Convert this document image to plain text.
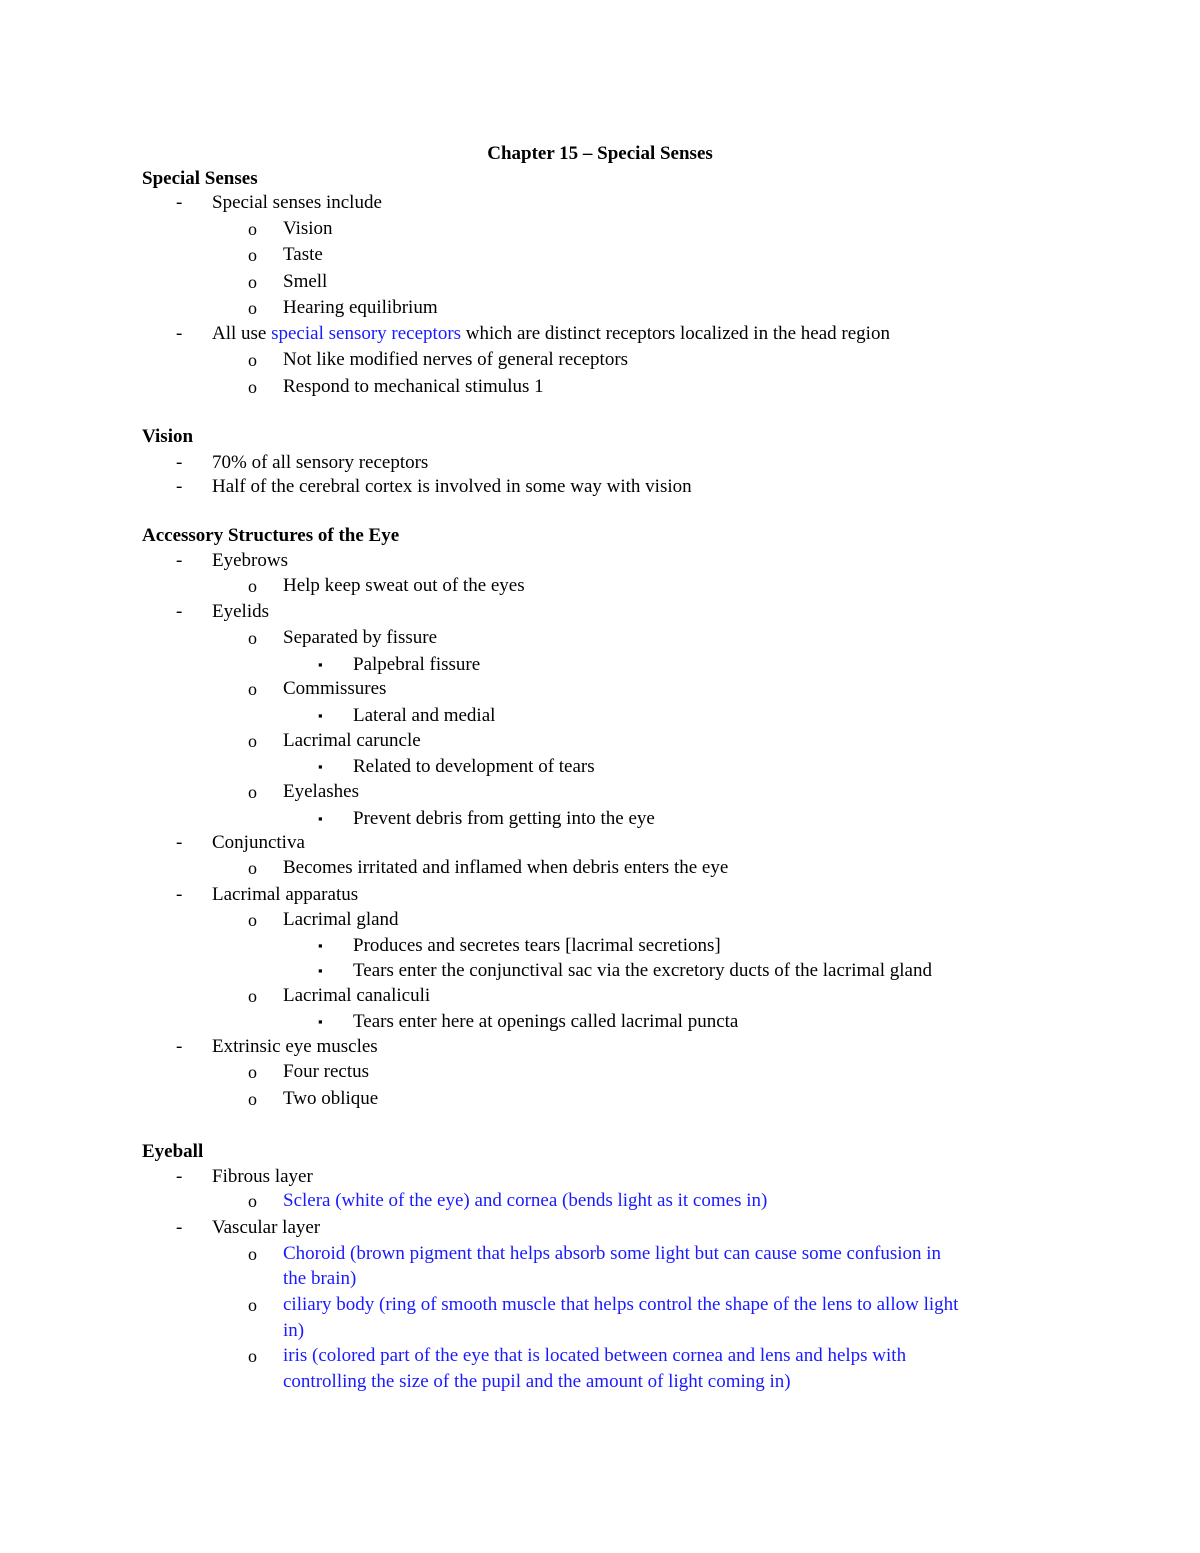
Chapter 15 – Special Senses
Special Senses
- Special senses include
o Vision
o Taste
o Smell
o Hearing equilibrium
- All use special sensory receptors which are distinct receptors localized in the head region
o Not like modified nerves of general receptors
o Respond to mechanical stimulus 1
Vision
- 70% of all sensory receptors
- Half of the cerebral cortex is involved in some way with vision
Accessory Structures of the Eye
- Eyebrows
o Help keep sweat out of the eyes
- Eyelids
o Separated by fissure
▪ Palpebral fissure
o Commissures
▪ Lateral and medial
o Lacrimal caruncle
▪ Related to development of tears
o Eyelashes
▪ Prevent debris from getting into the eye
- Conjunctiva
o Becomes irritated and inflamed when debris enters the eye
- Lacrimal apparatus
o Lacrimal gland
▪ Produces and secretes tears [lacrimal secretions]
▪ Tears enter the conjunctival sac via the excretory ducts of the lacrimal gland
o Lacrimal canaliculi
▪ Tears enter here at openings called lacrimal puncta
- Extrinsic eye muscles
o Four rectus
o Two oblique
Eyeball
- Fibrous layer
o Sclera (white of the eye) and cornea (bends light as it comes in)
- Vascular layer
o Choroid (brown pigment that helps absorb some light but can cause some confusion in
the brain)
o ciliary body (ring of smooth muscle that helps control the shape of the lens to allow light
in)
o iris (colored part of the eye that is located between cornea and lens and helps with
controlling the size of the pupil and the amount of light coming in)
